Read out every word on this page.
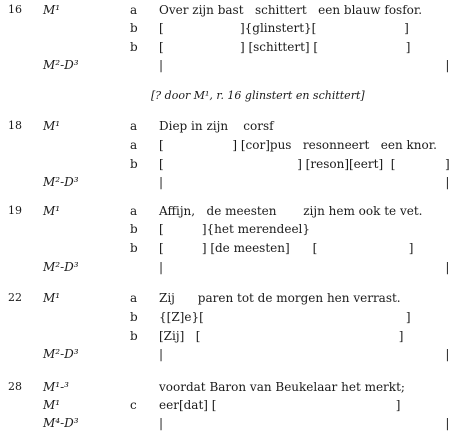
16 M¹	a Over zijn bast   schittert   een blauw fosfor.
b [                    ]{glinstert}[                       ]
b [                    ] [schittert] [                       ]
M²-D³	|                                                                          |
[? door M¹, r. 16 glinstert en schittert]
18 M¹	a Diep in zijn    corsf
a [                  ] [cor]pus   resonneert   een knor.
b [                                   ] [reson][eert]  [             ]
M²-D³	|                                                                          |
19 M¹	a Affijn,   de meesten       zijn hem ook te vet.
b [          ]{het merendeel}
b [          ] [de meesten]      [                        ]
M²-D³	|                                                                          |
22 M¹	a Zij      paren tot de morgen hen verrast.
b {[Z]e}[                                                     ]
b [Zij]   [                                                    ]
M²-D³	|                                                                          |
28 M¹-³	voordat Baron van Beukelaar het merkt;
M¹	c eer[dat] [                                               ]
M⁴-D³	|                                                                          |
